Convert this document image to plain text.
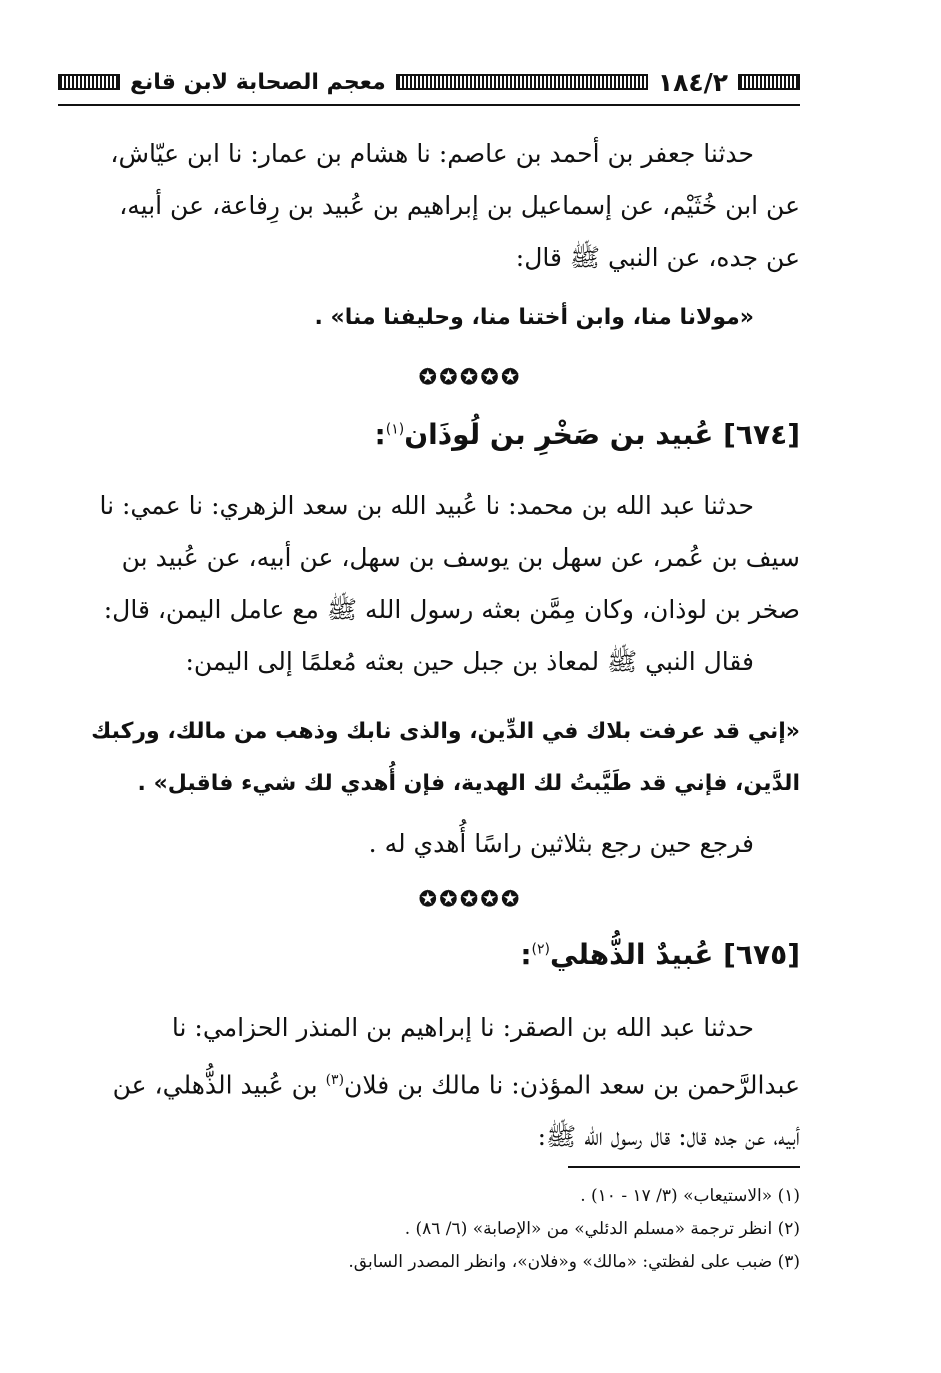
١٨٤/٢
معجم الصحابة لابن قانع
حدثنا جعفر بن أحمد بن عاصم: نا هشام بن عمار: نا ابن عيّاش،
عن ابن خُثَيْم، عن إسماعيل بن إبراهيم بن عُبيد بن رِفاعة، عن أبيه،
عن جده، عن النبي ﷺ قال:
«مولانا منا، وابن أختنا منا، وحليفنا منا» .
✪✪✪✪✪
[٦٧٤] عُبيد بن صَخْرِ بن لُوذَان$^{(١)}$:
حدثنا عبد الله بن محمد: نا عُبيد الله بن سعد الزهري: نا عمي: نا
سيف بن عُمر، عن سهل بن يوسف بن سهل، عن أبيه، عن عُبيد بن
صخر بن لوذان، وكان مِمَّن بعثه رسول الله ﷺ مع عامل اليمن، قال:
فقال النبي ﷺ لمعاذ بن جبل حين بعثه مُعلمًا إلى اليمن:
«إني قد عرفت بلاك في الدِّين، والذى نابك وذهب من مالك، وركبك
الدَّين، فإني قد طَيَّبتُ لك الهدية، فإن أُهدي لك شيء فاقبل» .
فرجع حين رجع بثلاثين راسًا أُهدي له .
✪✪✪✪✪
[٦٧٥] عُبيدٌ الذُّهلي$^{(٢)}$:
حدثنا عبد الله بن الصقر: نا إبراهيم بن المنذر الحزامي: نا
عبدالرَّحمن بن سعد المؤذن: نا مالك بن فلان$^{(٣)}$ بن عُبيد الذُّهلي، عن
أبيه، عن جده قال: قال رسول الله ﷺ:
(١) «الاستيعاب» (٣/ ١٧ - ١٠) .
(٢) انظر ترجمة «مسلم الدئلي» من «الإصابة» (٦/ ٨٦) .
(٣) ضبب على لفظتي: «مالك» و«فلان»، وانظر المصدر السابق.
